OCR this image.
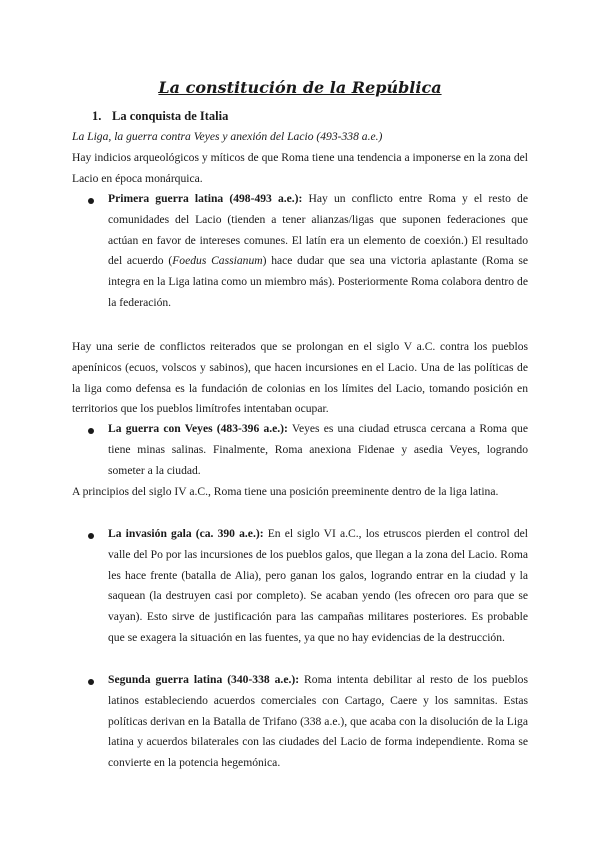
La constitución de la República
1. La conquista de Italia
La Liga, la guerra contra Veyes y anexión del Lacio (493-338 a.e.)
Hay indicios arqueológicos y míticos de que Roma tiene una tendencia a imponerse en la zona del Lacio en época monárquica.
Primera guerra latina (498-493 a.e.): Hay un conflicto entre Roma y el resto de comunidades del Lacio (tienden a tener alianzas/ligas que suponen federaciones que actúan en favor de intereses comunes. El latín era un elemento de coexión.) El resultado del acuerdo (Foedus Cassianum) hace dudar que sea una victoria aplastante (Roma se integra en la Liga latina como un miembro más). Posteriormente Roma colabora dentro de la federación.
Hay una serie de conflictos reiterados que se prolongan en el siglo V a.C. contra los pueblos apenínicos (ecuos, volscos y sabinos), que hacen incursiones en el Lacio. Una de las políticas de la liga como defensa es la fundación de colonias en los límites del Lacio, tomando posición en territorios que los pueblos limítrofes intentaban ocupar.
La guerra con Veyes (483-396 a.e.): Veyes es una ciudad etrusca cercana a Roma que tiene minas salinas. Finalmente, Roma anexiona Fidenae y asedia Veyes, logrando someter a la ciudad.
A principios del siglo IV a.C., Roma tiene una posición preeminente dentro de la liga latina.
La invasión gala (ca. 390 a.e.): En el siglo VI a.C., los etruscos pierden el control del valle del Po por las incursiones de los pueblos galos, que llegan a la zona del Lacio. Roma les hace frente (batalla de Alia), pero ganan los galos, logrando entrar en la ciudad y la saquean (la destruyen casi por completo). Se acaban yendo (les ofrecen oro para que se vayan). Esto sirve de justificación para las campañas militares posteriores. Es probable que se exagera la situación en las fuentes, ya que no hay evidencias de la destrucción.
Segunda guerra latina (340-338 a.e.): Roma intenta debilitar al resto de los pueblos latinos estableciendo acuerdos comerciales con Cartago, Caere y los samnitas. Estas políticas derivan en la Batalla de Trifano (338 a.e.), que acaba con la disolución de la Liga latina y acuerdos bilaterales con las ciudades del Lacio de forma independiente. Roma se convierte en la potencia hegemónica.
